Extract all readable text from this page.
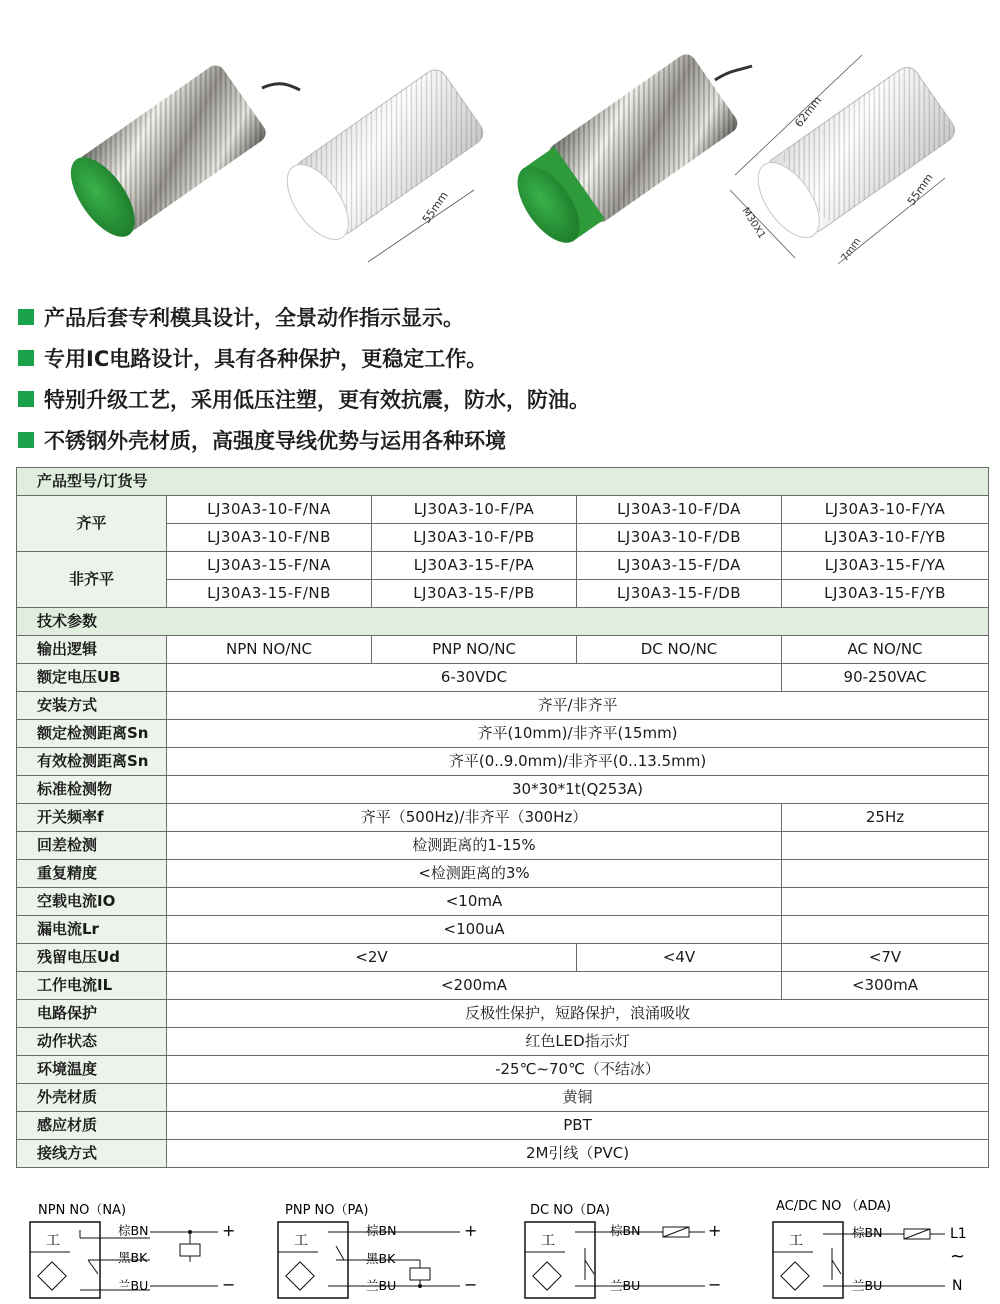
55mm
62mm
55mm
M30X1
7mm
产品后套专利模具设计，全景动作指示显示。
专用IC电路设计，具有各种保护，更稳定工作。
特别升级工艺，采用低压注塑，更有效抗震，防水，防油。
不锈钢外壳材质，高强度导线优势与运用各种环境
产品型号/订货号				
齐平	LJ30A3-10-F/NA	LJ30A3-10-F/PA	LJ30A3-10-F/DA	LJ30A3-10-F/YA
	LJ30A3-10-F/NB	LJ30A3-10-F/PB	LJ30A3-10-F/DB	LJ30A3-10-F/YB
非齐平	LJ30A3-15-F/NA	LJ30A3-15-F/PA	LJ30A3-15-F/DA	LJ30A3-15-F/YA
	LJ30A3-15-F/NB	LJ30A3-15-F/PB	LJ30A3-15-F/DB	LJ30A3-15-F/YB
技术参数				
输出逻辑	NPN NO/NC	PNP NO/NC	DC NO/NC	AC NO/NC
额定电压UB	6-30VDC			90-250VAC
安装方式	齐平/非齐平			
额定检测距离Sn	齐平(10mm)/非齐平(15mm)			
有效检测距离Sn	齐平(0..9.0mm)/非齐平(0..13.5mm)			
标准检测物	30*30*1t(Q253A)			
开关频率f	齐平（500Hz)/非齐平（300Hz）			25Hz
回差检测	检测距离的1-15%			
重复精度	<检测距离的3%			
空载电流IO	<10mA			
漏电流Lr	<100uA			
残留电压Ud	<2V		<4V	<7V
工作电流IL	<200mA			<300mA
电路保护	反极性保护，短路保护，浪涌吸收			
动作状态	红色LED指示灯			
环境温度	-25℃~70℃（不结冰）			
外壳材质	黄铜			
感应材质	PBT			
接线方式	2M引线（PVC)			
NPN NO（NA)
工
棕BN
黑BK
兰BU
+
−
PNP NO（PA)
工
棕BN
黑BK
兰BU
+
−
DC NO（DA)
工
棕BN
兰BU
+
−
AC/DC NO （ADA)
工
棕BN
兰BU
L1
~
N
